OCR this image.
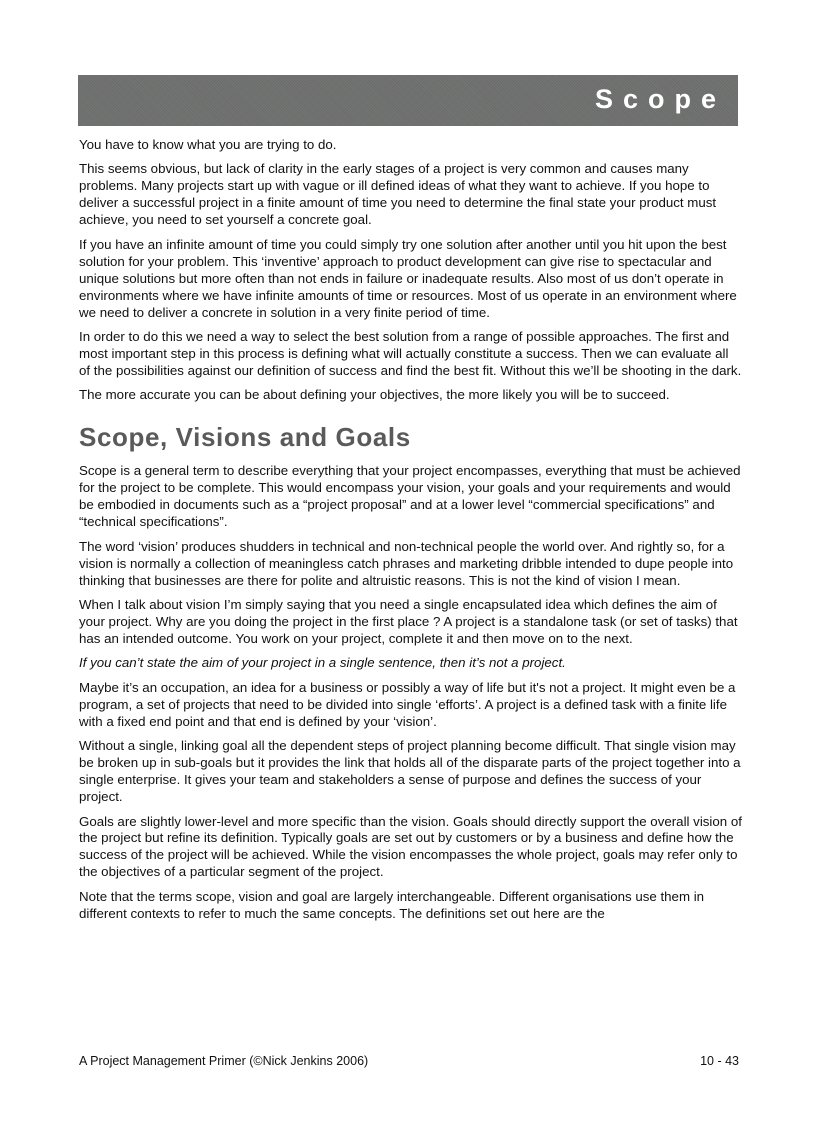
Scope

You have to know what you are trying to do.

This seems obvious, but lack of clarity in the early stages of a project is very common and causes many problems. Many projects start up with vague or ill defined ideas of what they want to achieve. If you hope to deliver a successful project in a finite amount of time you need to determine the final state your product must achieve, you need to set yourself a concrete goal.

If you have an infinite amount of time you could simply try one solution after another until you hit upon the best solution for your problem. This ‘inventive’ approach to product development can give rise to spectacular and unique solutions but more often than not ends in failure or inadequate results. Also most of us don’t operate in environments where we have infinite amounts of time or resources. Most of us operate in an environment where we need to deliver a concrete in solution in a very finite period of time.

In order to do this we need a way to select the best solution from a range of possible approaches. The first and most important step in this process is defining what will actually constitute a success. Then we can evaluate all of the possibilities against our definition of success and find the best fit. Without this we’ll be shooting in the dark.

The more accurate you can be about defining your objectives, the more likely you will be to succeed.

Scope, Visions and Goals

Scope is a general term to describe everything that your project encompasses, everything that must be achieved for the project to be complete. This would encompass your vision, your goals and your requirements and would be embodied in documents such as a “project proposal” and at a lower level “commercial specifications” and “technical specifications”.

The word ‘vision’ produces shudders in technical and non-technical people the world over. And rightly so, for a vision is normally a collection of meaningless catch phrases and marketing dribble intended to dupe people into thinking that businesses are there for polite and altruistic reasons. This is not the kind of vision I mean.

When I talk about vision I’m simply saying that you need a single encapsulated idea which defines the aim of your project. Why are you doing the project in the first place ? A project is a standalone task (or set of tasks) that has an intended outcome. You work on your project, complete it and then move on to the next.

If you can’t state the aim of your project in a single sentence, then it’s not a project.

Maybe it’s an occupation, an idea for a business or possibly a way of life but it's not a project. It might even be a program, a set of projects that need to be divided into single ‘efforts’. A project is a defined task with a finite life with a fixed end point and that end is defined by your ‘vision’.

Without a single, linking goal all the dependent steps of project planning become difficult. That single vision may be broken up in sub-goals but it provides the link that holds all of the disparate parts of the project together into a single enterprise. It gives your team and stakeholders a sense of purpose and defines the success of your project.

Goals are slightly lower-level and more specific than the vision. Goals should directly support the overall vision of the project but refine its definition. Typically goals are set out by customers or by a business and define how the success of the project will be achieved. While the vision encompasses the whole project, goals may refer only to the objectives of a particular segment of the project.

Note that the terms scope, vision and goal are largely interchangeable. Different organisations use them in different contexts to refer to much the same concepts. The definitions set out here are the

A Project Management Primer (©Nick Jenkins 2006)	10 - 43
